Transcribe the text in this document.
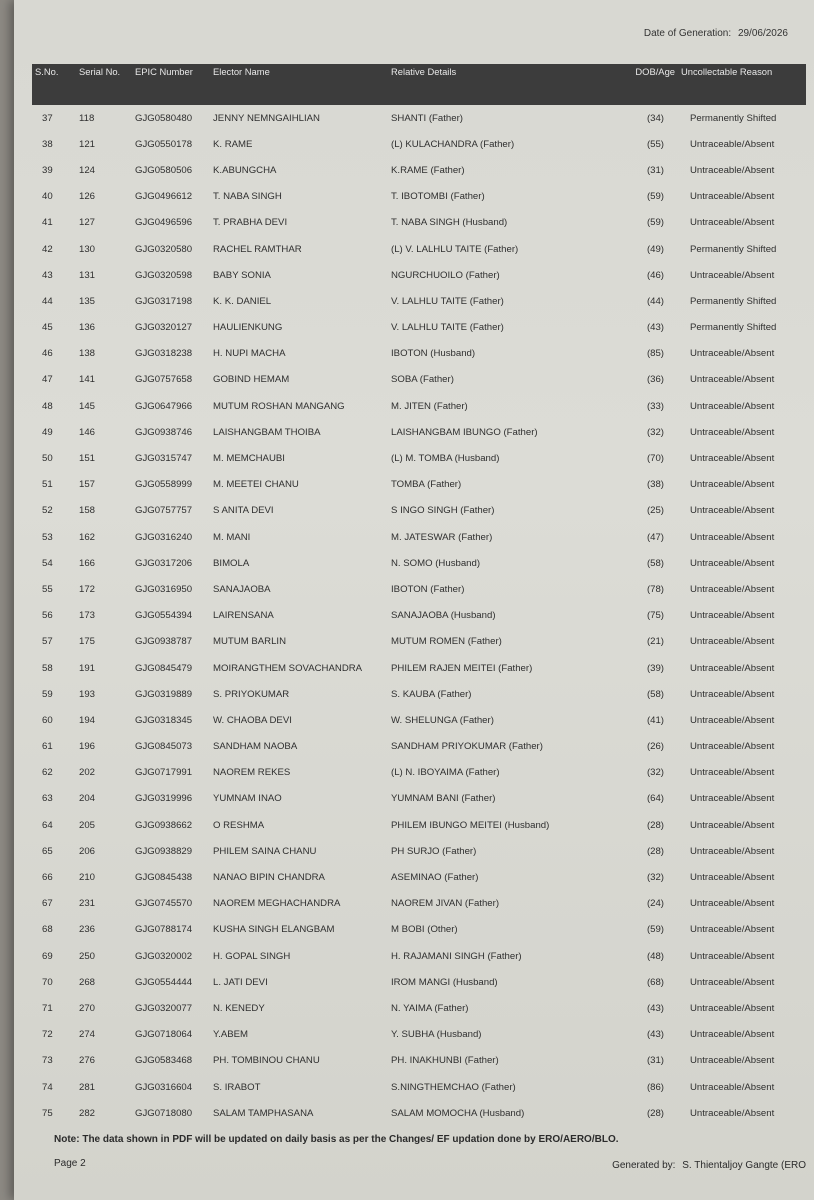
Date of Generation: 29/06/2026
S.No.	Serial No.	EPIC Number	Elector Name	Relative Details	DOB/Age	Uncollectable Reason
37	118	GJG0580480	JENNY NEMNGAIHLIAN	SHANTI (Father)	(34)	Permanently Shifted
38	121	GJG0550178	K. RAME	(L) KULACHANDRA (Father)	(55)	Untraceable/Absent
39	124	GJG0580506	K.ABUNGCHA	K.RAME (Father)	(31)	Untraceable/Absent
40	126	GJG0496612	T. NABA SINGH	T. IBOTOMBI (Father)	(59)	Untraceable/Absent
41	127	GJG0496596	T. PRABHA DEVI	T. NABA SINGH (Husband)	(59)	Untraceable/Absent
42	130	GJG0320580	RACHEL RAMTHAR	(L) V. LALHLU TAITE (Father)	(49)	Permanently Shifted
43	131	GJG0320598	BABY SONIA	NGURCHUOILO (Father)	(46)	Untraceable/Absent
44	135	GJG0317198	K. K. DANIEL	V. LALHLU TAITE (Father)	(44)	Permanently Shifted
45	136	GJG0320127	HAULIENKUNG	V. LALHLU TAITE (Father)	(43)	Permanently Shifted
46	138	GJG0318238	H. NUPI MACHA	IBOTON (Husband)	(85)	Untraceable/Absent
47	141	GJG0757658	GOBIND HEMAM	SOBA (Father)	(36)	Untraceable/Absent
48	145	GJG0647966	MUTUM ROSHAN MANGANG	M. JITEN (Father)	(33)	Untraceable/Absent
49	146	GJG0938746	LAISHANGBAM THOIBA	LAISHANGBAM IBUNGO (Father)	(32)	Untraceable/Absent
50	151	GJG0315747	M. MEMCHAUBI	(L) M. TOMBA (Husband)	(70)	Untraceable/Absent
51	157	GJG0558999	M. MEETEI CHANU	TOMBA (Father)	(38)	Untraceable/Absent
52	158	GJG0757757	S ANITA DEVI	S INGO SINGH (Father)	(25)	Untraceable/Absent
53	162	GJG0316240	M. MANI	M. JATESWAR (Father)	(47)	Untraceable/Absent
54	166	GJG0317206	BIMOLA	N. SOMO (Husband)	(58)	Untraceable/Absent
55	172	GJG0316950	SANAJAOBA	IBOTON (Father)	(78)	Untraceable/Absent
56	173	GJG0554394	LAIRENSANA	SANAJAOBA (Husband)	(75)	Untraceable/Absent
57	175	GJG0938787	MUTUM BARLIN	MUTUM ROMEN (Father)	(21)	Untraceable/Absent
58	191	GJG0845479	MOIRANGTHEM SOVACHANDRA	PHILEM RAJEN MEITEI (Father)	(39)	Untraceable/Absent
59	193	GJG0319889	S. PRIYOKUMAR	S. KAUBA (Father)	(58)	Untraceable/Absent
60	194	GJG0318345	W. CHAOBA DEVI	W. SHELUNGA (Father)	(41)	Untraceable/Absent
61	196	GJG0845073	SANDHAM NAOBA	SANDHAM PRIYOKUMAR (Father)	(26)	Untraceable/Absent
62	202	GJG0717991	NAOREM REKES	(L) N. IBOYAIMA (Father)	(32)	Untraceable/Absent
63	204	GJG0319996	YUMNAM INAO	YUMNAM BANI (Father)	(64)	Untraceable/Absent
64	205	GJG0938662	O RESHMA	PHILEM IBUNGO MEITEI (Husband)	(28)	Untraceable/Absent
65	206	GJG0938829	PHILEM SAINA CHANU	PH SURJO (Father)	(28)	Untraceable/Absent
66	210	GJG0845438	NANAO BIPIN CHANDRA	ASEMINAO (Father)	(32)	Untraceable/Absent
67	231	GJG0745570	NAOREM MEGHACHANDRA	NAOREM JIVAN (Father)	(24)	Untraceable/Absent
68	236	GJG0788174	KUSHA SINGH ELANGBAM	M BOBI (Other)	(59)	Untraceable/Absent
69	250	GJG0320002	H. GOPAL SINGH	H. RAJAMANI SINGH (Father)	(48)	Untraceable/Absent
70	268	GJG0554444	L. JATI DEVI	IROM MANGI (Husband)	(68)	Untraceable/Absent
71	270	GJG0320077	N. KENEDY	N. YAIMA (Father)	(43)	Untraceable/Absent
72	274	GJG0718064	Y.ABEM	Y. SUBHA (Husband)	(43)	Untraceable/Absent
73	276	GJG0583468	PH. TOMBINOU CHANU	PH. INAKHUNBI (Father)	(31)	Untraceable/Absent
74	281	GJG0316604	S. IRABOT	S.NINGTHEMCHAO (Father)	(86)	Untraceable/Absent
75	282	GJG0718080	SALAM TAMPHASANA	SALAM MOMOCHA (Husband)	(28)	Untraceable/Absent
Note: The data shown in PDF will be updated on daily basis as per the Changes/ EF updation done by ERO/AERO/BLO.
Page 2	Generated by: S. Thientaljoy Gangte (ERO
